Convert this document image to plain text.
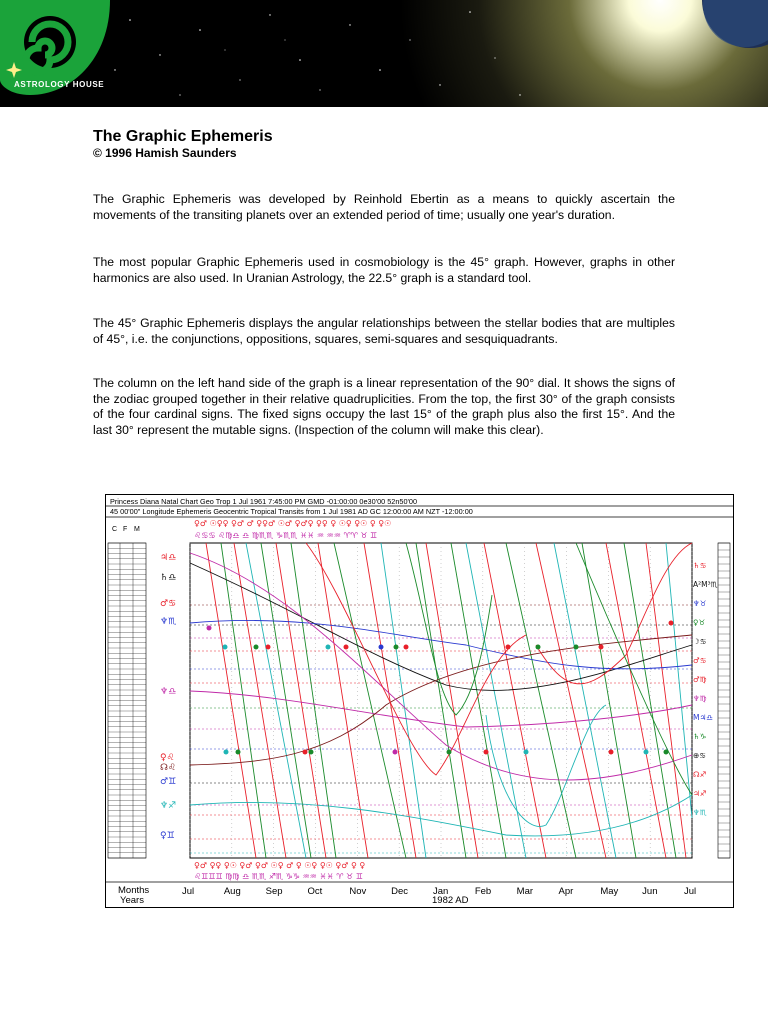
ASTROLOGY HOUSE
The Graphic Ephemeris

© 1996 Hamish Saunders

The Graphic Ephemeris was developed by Reinhold Ebertin as a means to quickly ascertain the movements of the transiting planets over an extended period of time; usually one year's duration.

The most popular Graphic Ephemeris used in cosmobiology is the 45° graph. However, graphs in other harmonics are also used. In Uranian Astrology, the 22.5° graph is a standard tool.

The 45° Graphic Ephemeris displays the angular relationships between the stellar bodies that are multiples of 45°, i.e. the conjunctions, oppositions, squares, semi-squares and sesquiquadrants.

The column on the left hand side of the graph is a linear representation of the 90° dial. It shows the signs of the zodiac grouped together in their relative quadruplicities. From the top, the first 30° of the graph consists of the four cardinal signs. The fixed signs occupy the last 15° of the graph plus also the first 15°. And the last 30° represent the mutable signs. (Inspection of the column will make this clear).

Princess Diana Natal Chart Geo Trop 1 Jul 1961 7:45:00 PM GMD -01:00:00 0e30'00 52n50'00
45 00'00" Longitude Ephemeris Geocentric Tropical Transits from 1 Jul 1981 AD GC 12:00:00 AM NZT -12:00:00
♀♂ ☉♀♀ ♀♂ ♂ ♀♀♂ ☉♂ ♀♂♀ ♀♀ ♀ ☉♀ ♀☉ ♀ ♀☉
♌♋♋ ♌♍♎ ♎ ♍♏♏ ♑♏♏ ♓♓ ♒ ♒♒ ♈♈ ♉ ♊
♀♂ ♀♀ ♀☉ ♀♂ ♀♂ ☉♀ ♂ ♀ ☉♀ ♀☉ ♀♂ ♀ ♀
♌♊♊♊ ♍♍ ♎ ♏♏ ♐♏ ♑♑ ♒♒ ♓♓ ♈ ♉ ♊
♃♎
♄♎
♂♋
♆♏
♆♎
♀♌
☊♌
♂♊
♆♐
♀♊
♄♋
A²M³♏
♆♉
♀♉
☽♋
♂♋
♂♍
♆♍
M♃♎
♄♑
⊕♋
☊♐
♃♐
♆♏
C F M
Months
Years	1982 AD
Jul	Aug	Sep	Oct	Nov	Dec	Jan	Feb	Mar	Apr	May	Jun	Jul
